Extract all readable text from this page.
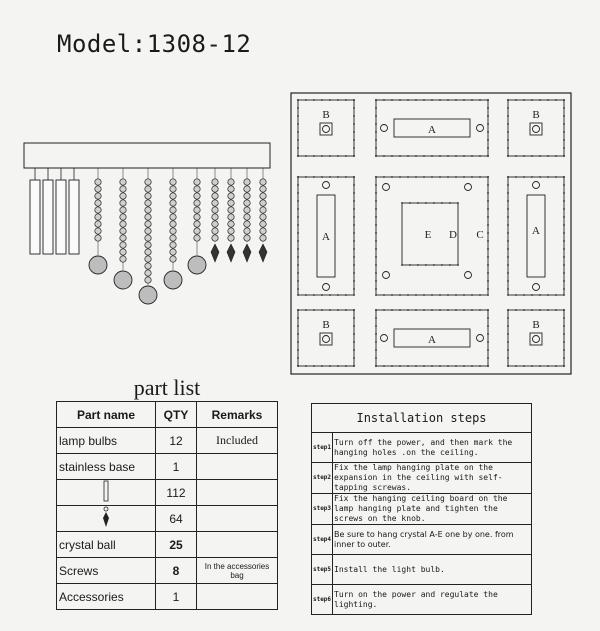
Model:1308-12
B	B
B	B
A
A
A	A
E D C
part list
Part name	QTY	Remarks
lamp bulbs	12	Included
stainless base	1	
	112	
	64	
crystal ball	25	
Screws	8	In the accessories bag
Accessories	1	
Installation steps	
step1	Turn off the power, and then mark the hanging holes .on the ceiling.
step2	Fix the lamp hanging plate on the expansion in the ceiling with self-tapping screwas.
step3	Fix the hanging ceiling board on the lamp hanging plate and tighten the screws on the knob.
step4	Be sure to hang crystal A-E one by one. from inner to outer.
step5	Install the light bulb.
step6	Turn on the power and regulate the lighting.
